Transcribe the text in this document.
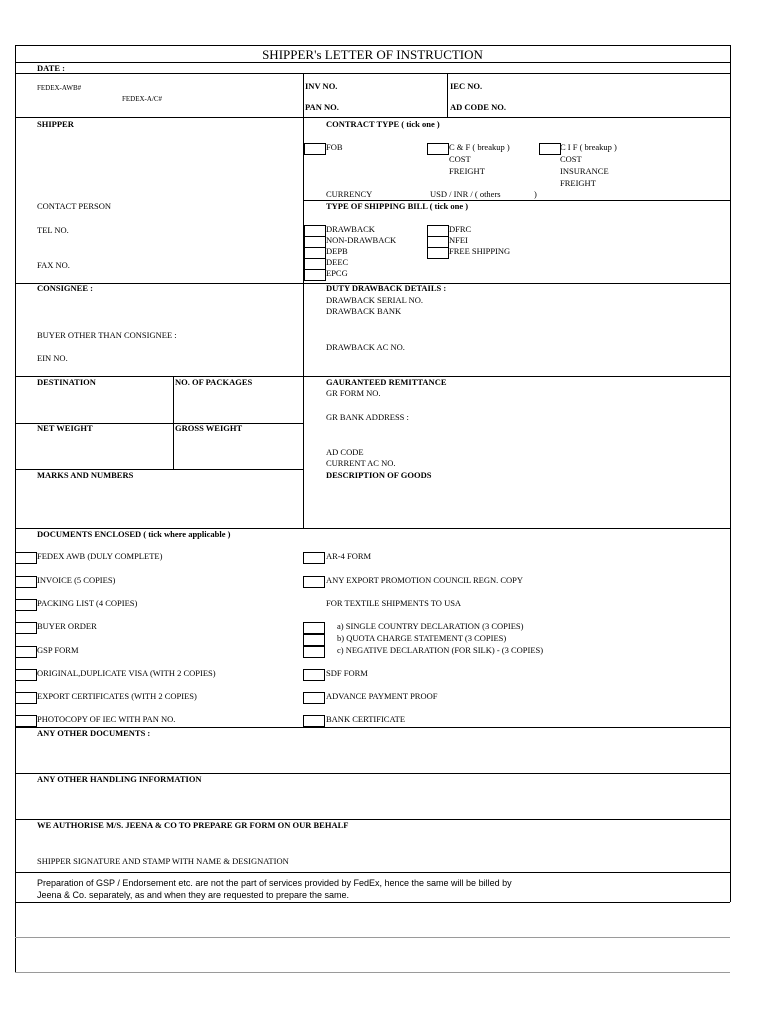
SHIPPER's LETTER OF INSTRUCTION
DATE :
FEDEX-AWB#
FEDEX-A/C#
INV NO.	IEC NO.
PAN NO.	AD CODE NO.
SHIPPER
CONTACT PERSON
TEL NO.
FAX NO.
CONTRACT TYPE ( tick one )
FOB	C & F ( breakup )
COST
FREIGHT
C I F ( breakup )
COST
INSURANCE
FREIGHT
CURRENCY	USD / INR / ( others	)
TYPE OF SHIPPING BILL ( tick one )
DRAWBACK
NON-DRAWBACK
DEPB
DEEC
EPCG
DFRC
NFEI
FREE SHIPPING
CONSIGNEE :
BUYER OTHER THAN CONSIGNEE :
EIN NO.
DUTY DRAWBACK DETAILS :
DRAWBACK SERIAL NO.
DRAWBACK BANK
DRAWBACK AC NO.
DESTINATION	NO. OF PACKAGES
NET WEIGHT	GROSS WEIGHT
GAURANTEED REMITTANCE
GR FORM NO.
GR BANK ADDRESS :
AD CODE
CURRENT AC NO.
MARKS AND NUMBERS	DESCRIPTION OF GOODS
DOCUMENTS ENCLOSED ( tick where applicable )
FEDEX AWB (DULY COMPLETE)
INVOICE (5 COPIES)
PACKING LIST (4 COPIES)
BUYER ORDER
GSP FORM
ORIGINAL,DUPLICATE VISA (WITH 2 COPIES)
EXPORT CERTIFICATES (WITH 2 COPIES)
PHOTOCOPY OF IEC WITH PAN NO.
AR-4 FORM
ANY EXPORT PROMOTION COUNCIL REGN. COPY
FOR TEXTILE SHIPMENTS TO USA
a) SINGLE COUNTRY DECLARATION (3 COPIES)
b) QUOTA CHARGE STATEMENT (3 COPIES)
c) NEGATIVE DECLARATION (FOR SILK) - (3 COPIES)
SDF FORM
ADVANCE PAYMENT PROOF
BANK CERTIFICATE
ANY OTHER DOCUMENTS :
ANY OTHER HANDLING INFORMATION
WE AUTHORISE M/S. JEENA & CO TO PREPARE GR FORM ON OUR BEHALF
SHIPPER SIGNATURE AND STAMP WITH NAME & DESIGNATION
Preparation of GSP / Endorsement etc. are not the part of services provided by FedEx, hence the same will be billed by
Jeena & Co. separately, as and when they are requested to prepare the same.
